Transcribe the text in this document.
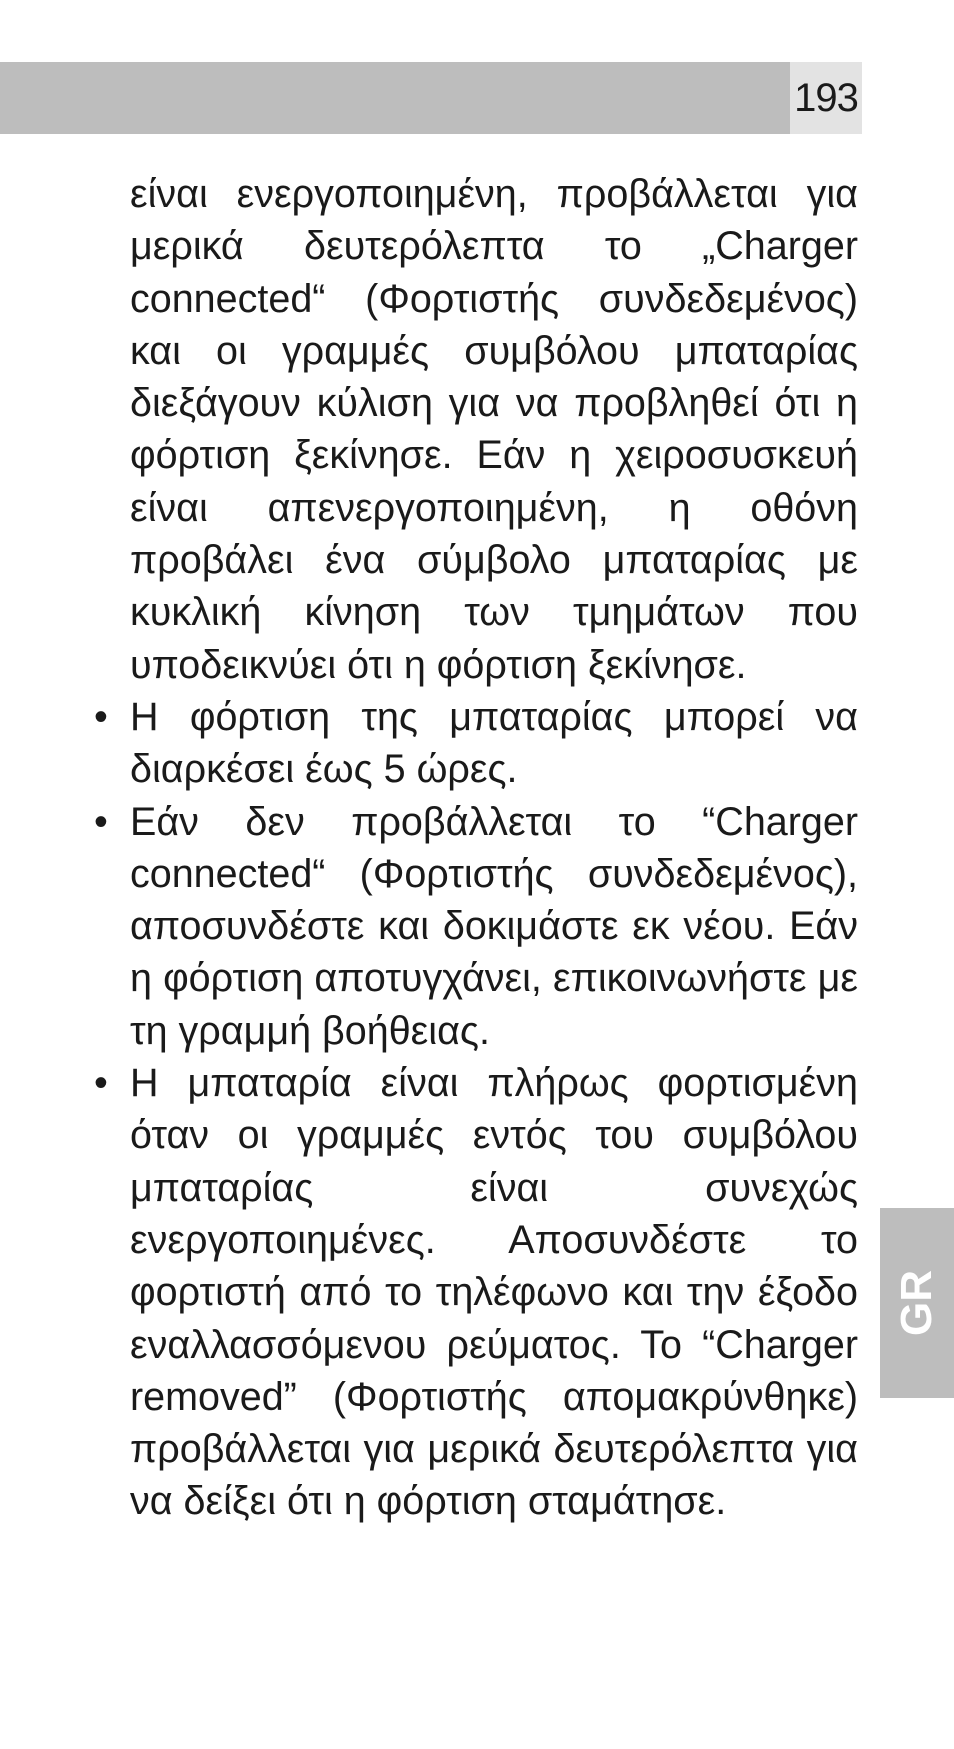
193
GR

είναι ενεργοποιημένη, προβάλλεται για μερικά δευτερόλεπτα το „Charger connected“ (Φορτιστής συνδεδεμένος) και οι γραμμές συμβόλου μπαταρίας διεξάγουν κύλιση για να προβληθεί ότι η φόρτιση ξεκίνησε. Εάν η χειροσυσκευή είναι απενεργοποιημένη, η οθόνη προβάλει ένα σύμβολο μπαταρίας με κυκλική κίνηση των τμημάτων που υποδεικνύει ότι η φόρτιση ξεκίνησε.

• Η φόρτιση της μπαταρίας μπορεί να διαρκέσει έως 5 ώρες.
• Εάν δεν προβάλλεται το “Charger connected“ (Φορτιστής συνδεδεμένος), αποσυνδέστε και δοκιμάστε εκ νέου. Εάν η φόρτιση αποτυγχάνει, επικοινωνήστε με τη γραμμή βοήθειας.
• Η μπαταρία είναι πλήρως φορτισμένη όταν οι γραμμές εντός του συμβόλου μπαταρίας είναι συνεχώς ενεργοποιημένες. Αποσυνδέστε το φορτιστή από το τηλέφωνο και την έξοδο εναλλασσόμενου ρεύματος. Το “Charger removed” (Φορτιστής απομακρύνθηκε) προβάλλεται για μερικά δευτερόλεπτα για να δείξει ότι η φόρτιση σταμάτησε.
